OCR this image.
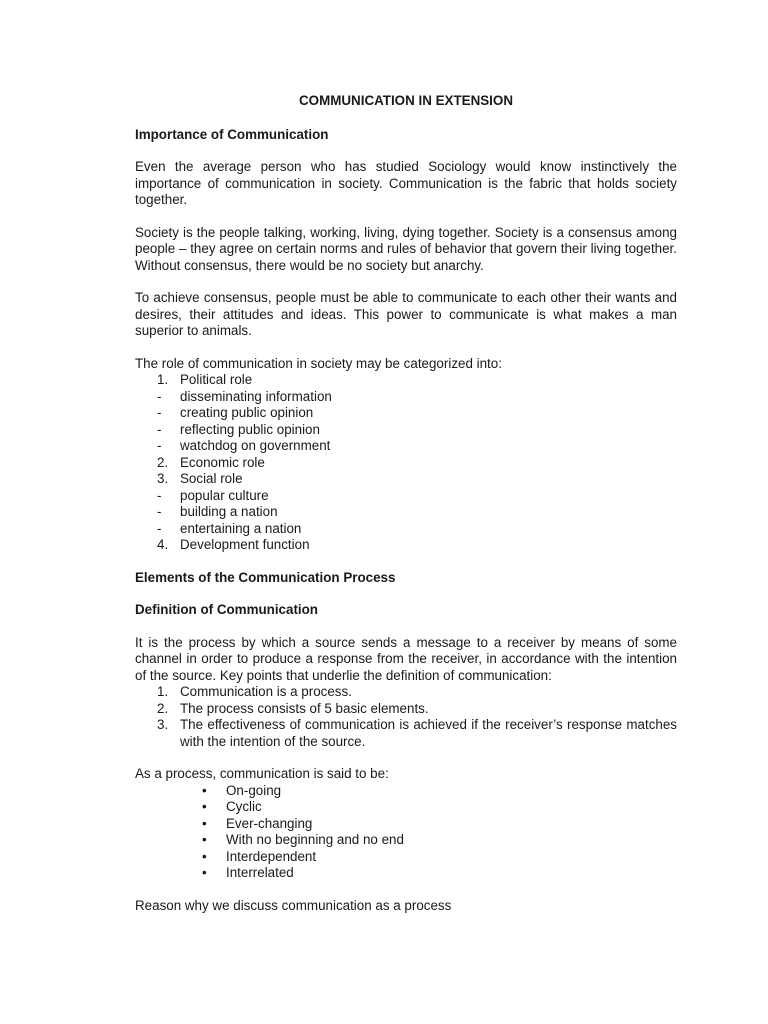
COMMUNICATION IN EXTENSION
Importance of Communication

Even the average person who has studied Sociology would know instinctively the importance of communication in society. Communication is the fabric that holds society together.

Society is the people talking, working, living, dying together. Society is a consensus among people – they agree on certain norms and rules of behavior that govern their living together. Without consensus, there would be no society but anarchy.

To achieve consensus, people must be able to communicate to each other their wants and desires, their attitudes and ideas. This power to communicate is what makes a man superior to animals.

The role of communication in society may be categorized into:

1. Political role
- disseminating information
- creating public opinion
- reflecting public opinion
- watchdog on government
2. Economic role
3. Social role
- popular culture
- building a nation
- entertaining a nation
4. Development function
Elements of the Communication Process
Definition of Communication

It is the process by which a source sends a message to a receiver by means of some channel in order to produce a response from the receiver, in accordance with the intention of the source. Key points that underlie the definition of communication:

1. Communication is a process.
2. The process consists of 5 basic elements.
3. The effectiveness of communication is achieved if the receiver’s response matches with the intention of the source.

As a process, communication is said to be:

• On-going
• Cyclic
• Ever-changing
• With no beginning and no end
• Interdependent
• Interrelated

Reason why we discuss communication as a process
